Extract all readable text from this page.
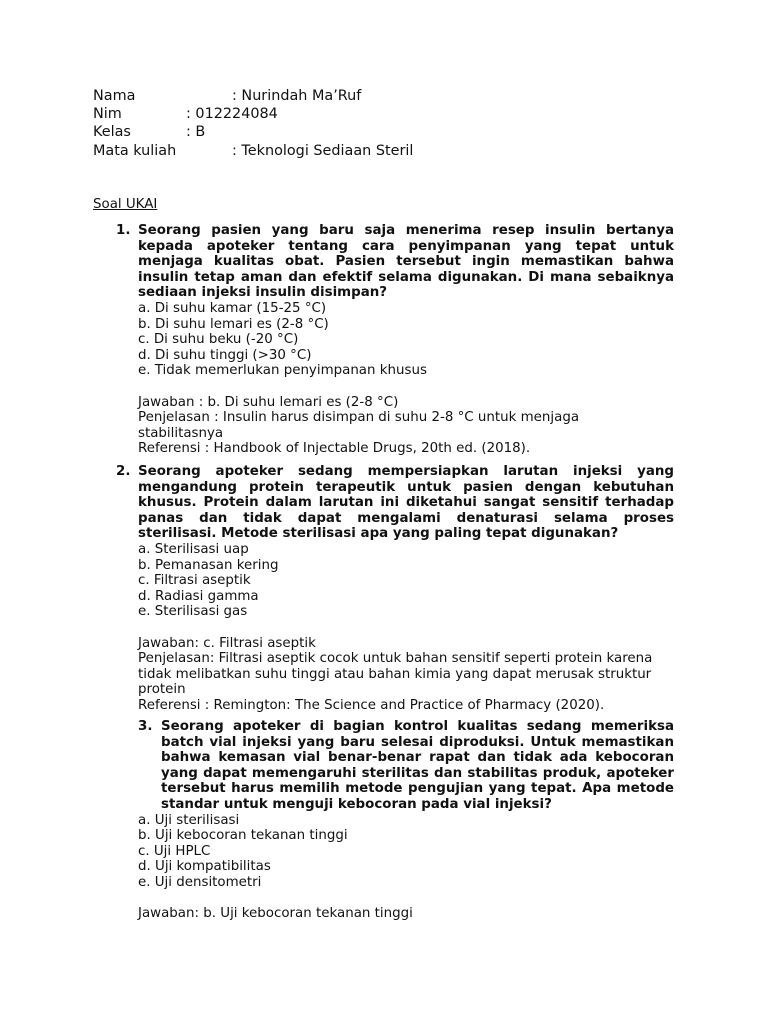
Nama	: Nurindah Ma’Ruf
Nim	: 012224084
Kelas	: B
Mata kuliah	: Teknologi Sediaan Steril
Soal UKAI
1. Seorang pasien yang baru saja menerima resep insulin bertanya kepada apoteker tentang cara penyimpanan yang tepat untuk menjaga kualitas obat. Pasien tersebut ingin memastikan bahwa insulin tetap aman dan efektif selama digunakan. Di mana sebaiknya sediaan injeksi insulin disimpan?
a. Di suhu kamar (15-25 °C)
b. Di suhu lemari es (2-8 °C)
c. Di suhu beku (-20 °C)
d. Di suhu tinggi (>30 °C)
e. Tidak memerlukan penyimpanan khusus
Jawaban : b. Di suhu lemari es (2-8 °C)
Penjelasan : Insulin harus disimpan di suhu 2-8 °C untuk menjaga stabilitasnya
Referensi : Handbook of Injectable Drugs, 20th ed. (2018).
2. Seorang apoteker sedang mempersiapkan larutan injeksi yang mengandung protein terapeutik untuk pasien dengan kebutuhan khusus. Protein dalam larutan ini diketahui sangat sensitif terhadap panas dan tidak dapat mengalami denaturasi selama proses sterilisasi. Metode sterilisasi apa yang paling tepat digunakan?
a. Sterilisasi uap
b. Pemanasan kering
c. Filtrasi aseptik
d. Radiasi gamma
e. Sterilisasi gas
Jawaban: c. Filtrasi aseptik
Penjelasan: Filtrasi aseptik cocok untuk bahan sensitif seperti protein karena tidak melibatkan suhu tinggi atau bahan kimia yang dapat merusak struktur protein
Referensi : Remington: The Science and Practice of Pharmacy (2020).
3. Seorang apoteker di bagian kontrol kualitas sedang memeriksa batch vial injeksi yang baru selesai diproduksi. Untuk memastikan bahwa kemasan vial benar-benar rapat dan tidak ada kebocoran yang dapat memengaruhi sterilitas dan stabilitas produk, apoteker tersebut harus memilih metode pengujian yang tepat. Apa metode standar untuk menguji kebocoran pada vial injeksi?
a. Uji sterilisasi
b. Uji kebocoran tekanan tinggi
c. Uji HPLC
d. Uji kompatibilitas
e. Uji densitometri
Jawaban: b. Uji kebocoran tekanan tinggi
